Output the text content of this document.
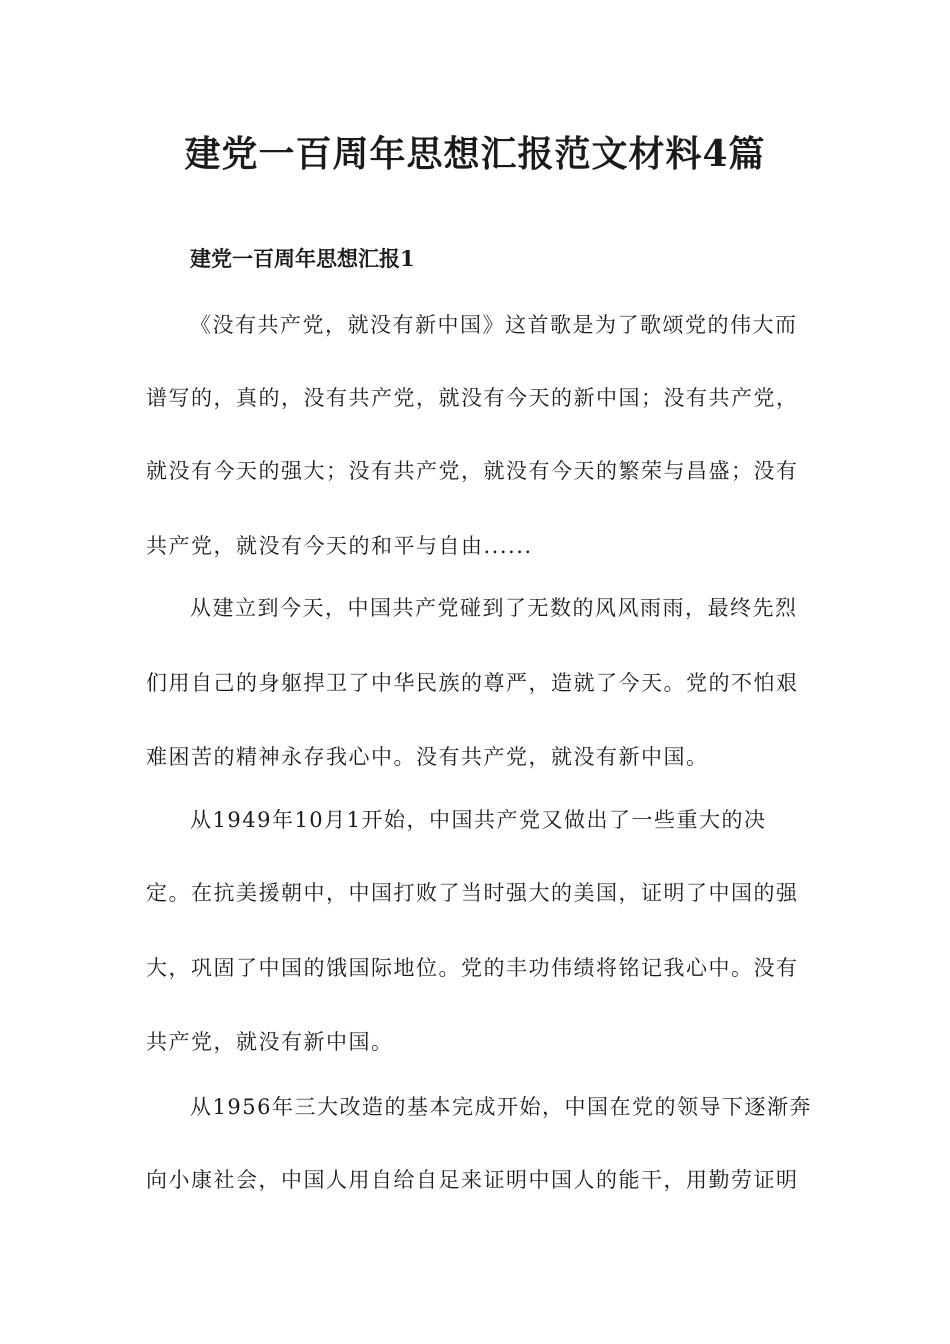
建党一百周年思想汇报范文材料4篇
建党一百周年思想汇报1

《没有共产党，就没有新中国》这首歌是为了歌颂党的伟大而

谱写的，真的，没有共产党，就没有今天的新中国；没有共产党，

就没有今天的强大；没有共产党，就没有今天的繁荣与昌盛；没有

共产党，就没有今天的和平与自由......

从建立到今天，中国共产党碰到了无数的风风雨雨，最终先烈

们用自己的身躯捍卫了中华民族的尊严，造就了今天。党的不怕艰

难困苦的精神永存我心中。没有共产党，就没有新中国。

从1949年10月1开始，中国共产党又做出了一些重大的决

定。在抗美援朝中，中国打败了当时强大的美国，证明了中国的强

大，巩固了中国的饿国际地位。党的丰功伟绩将铭记我心中。没有

共产党，就没有新中国。

从1956年三大改造的基本完成开始，中国在党的领导下逐渐奔

向小康社会，中国人用自给自足来证明中国人的能干，用勤劳证明
